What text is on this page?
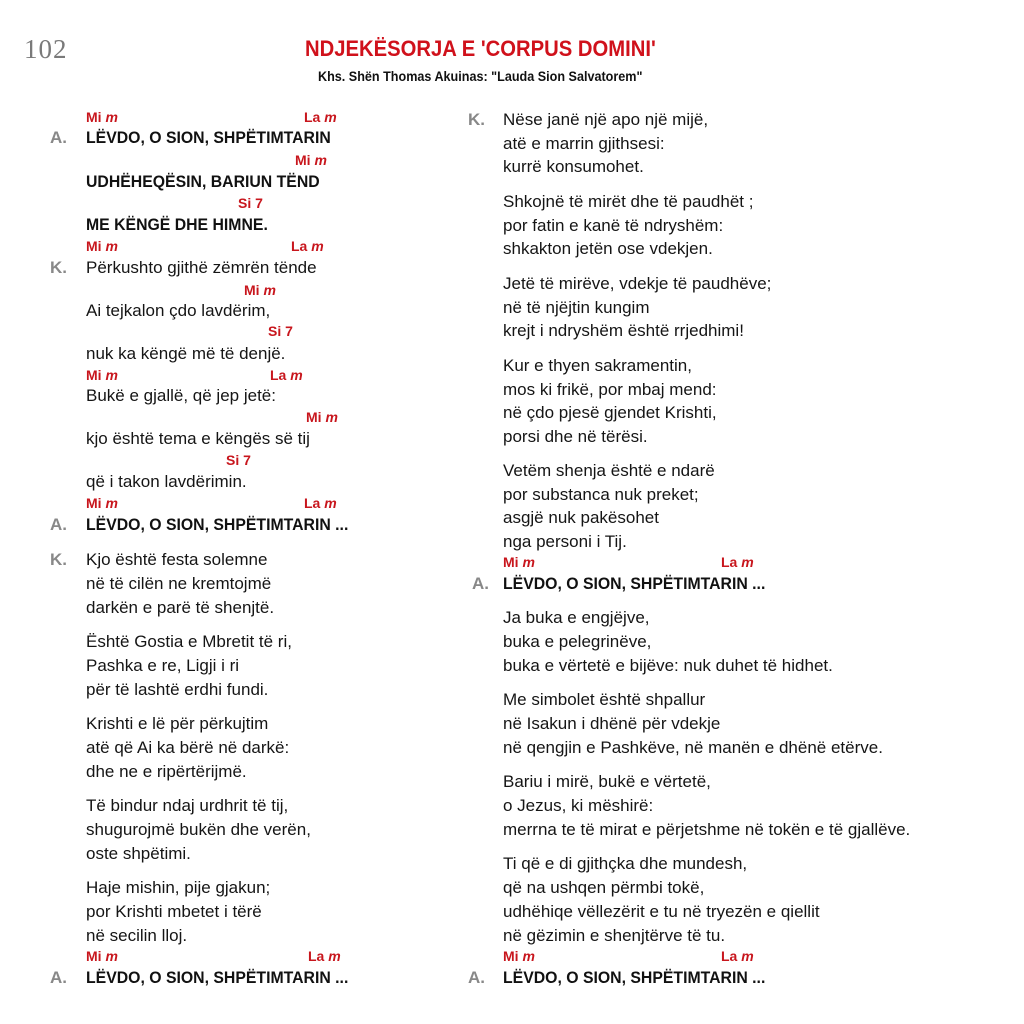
102	NDJEKËSORJA E 'CORPUS DOMINI'
Khs. Shën Thomas Akuinas: "Lauda Sion Salvatorem"
Mi m	La m
A. LËVDO, O SION, SHPËTIMTARIN
Mi m
UDHËHEQËSIN, BARIUN TËND
Si 7
ME KËNGË DHE HIMNE.
Mi m	La m
K. Përkushto gjithë zëmrën tënde
Mi m
Ai tejkalon çdo lavdërim,
Si 7
nuk ka këngë më të denjë.
Mi m	La m
Bukë e gjallë, që jep jetë:
Mi m
kjo është tema e këngës së tij
Si 7
që i takon lavdërimin.
Mi m	La m
A. LËVDO, O SION, SHPËTIMTARIN ...
K. Kjo është festa solemne
në të cilën ne kremtojmë
darkën e parë të shenjtë.
Është Gostia e Mbretit të ri,
Pashka e re, Ligji i ri
për të lashtë erdhi fundi.
Krishti e lë për përkujtim
atë që Ai ka bërë në darkë:
dhe ne e ripërtërijmë.
Të bindur ndaj urdhrit të tij,
shugurojmë bukën dhe verën,
oste shpëtimi.
Haje mishin, pije gjakun;
por Krishti mbetet i tërë
në secilin lloj.
Mi m	La m
A. LËVDO, O SION, SHPËTIMTARIN ...
K. Nëse janë një apo një mijë,
atë e marrin gjithsesi:
kurrë konsumohet.
Shkojnë të mirët dhe të paudhët ;
por fatin e kanë të ndryshëm:
shkakton jetën ose vdekjen.
Jetë të mirëve, vdekje të paudhëve;
në të njëjtin kungim
krejt i ndryshëm është rrjedhimi!
Kur e thyen sakramentin,
mos ki frikë, por mbaj mend:
në çdo pjesë gjendet Krishti,
porsi dhe në tërësi.
Vetëm shenja është e ndarë
por substanca nuk preket;
asgjë nuk pakësohet
nga personi i Tij.
Mi m	La m
A. LËVDO, O SION, SHPËTIMTARIN ...
Ja buka e engjëjve,
buka e pelegrinëve,
buka e vërtetë e bijëve: nuk duhet të hidhet.
Me simbolet është shpallur
në Isakun i dhënë për vdekje
në qengjin e Pashkëve, në manën e dhënë etërve.
Bariu i mirë, bukë e vërtetë,
o Jezus, ki mëshirë:
merrna te të mirat e përjetshme në tokën e të gjallëve.
Ti që e di gjithçka dhe mundesh,
që na ushqen përmbi tokë,
udhëhiqe vëllezërit e tu në tryezën e qiellit
në gëzimin e shenjtërve të tu.
Mi m	La m
A. LËVDO, O SION, SHPËTIMTARIN ...
